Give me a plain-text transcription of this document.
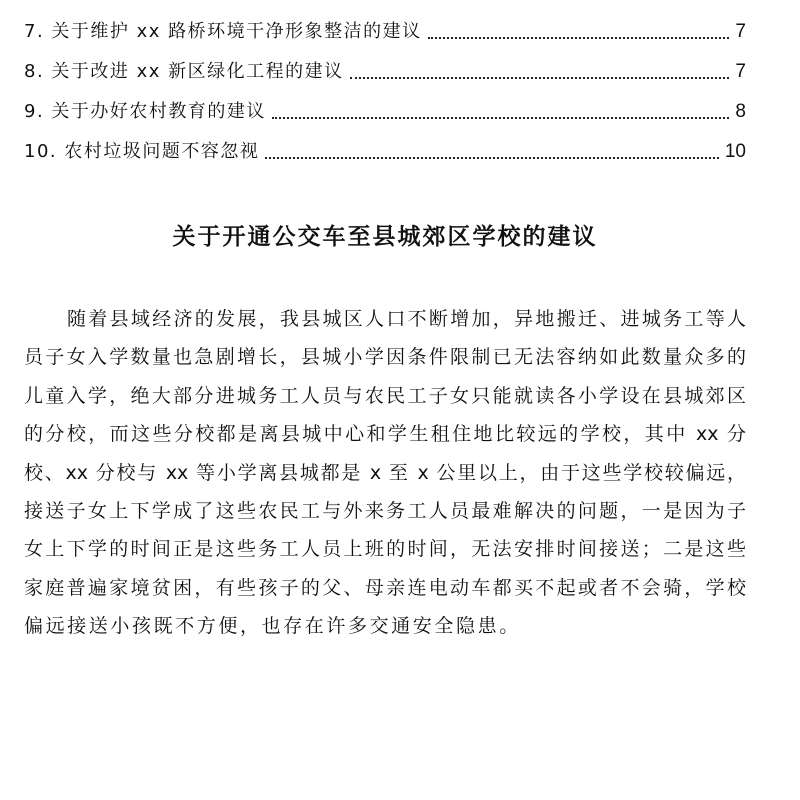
7. 关于维护 xx 路桥环境干净形象整洁的建议	7
8. 关于改进 xx 新区绿化工程的建议	7
9. 关于办好农村教育的建议	8
10. 农村垃圾问题不容忽视	10
关于开通公交车至县城郊区学校的建议
随着县域经济的发展，我县城区人口不断增加，异地搬迁、进城务工等人
员子女入学数量也急剧增长，县城小学因条件限制已无法容纳如此数量众多的
儿童入学，绝大部分进城务工人员与农民工子女只能就读各小学设在县城郊区
的分校，而这些分校都是离县城中心和学生租住地比较远的学校，其中 xx 分
校、xx 分校与 xx 等小学离县城都是 x 至 x 公里以上，由于这些学校较偏远，
接送子女上下学成了这些农民工与外来务工人员最难解决的问题，一是因为子
女上下学的时间正是这些务工人员上班的时间，无法安排时间接送；二是这些
家庭普遍家境贫困，有些孩子的父、母亲连电动车都买不起或者不会骑，学校
偏远接送小孩既不方便，也存在许多交通安全隐患。
